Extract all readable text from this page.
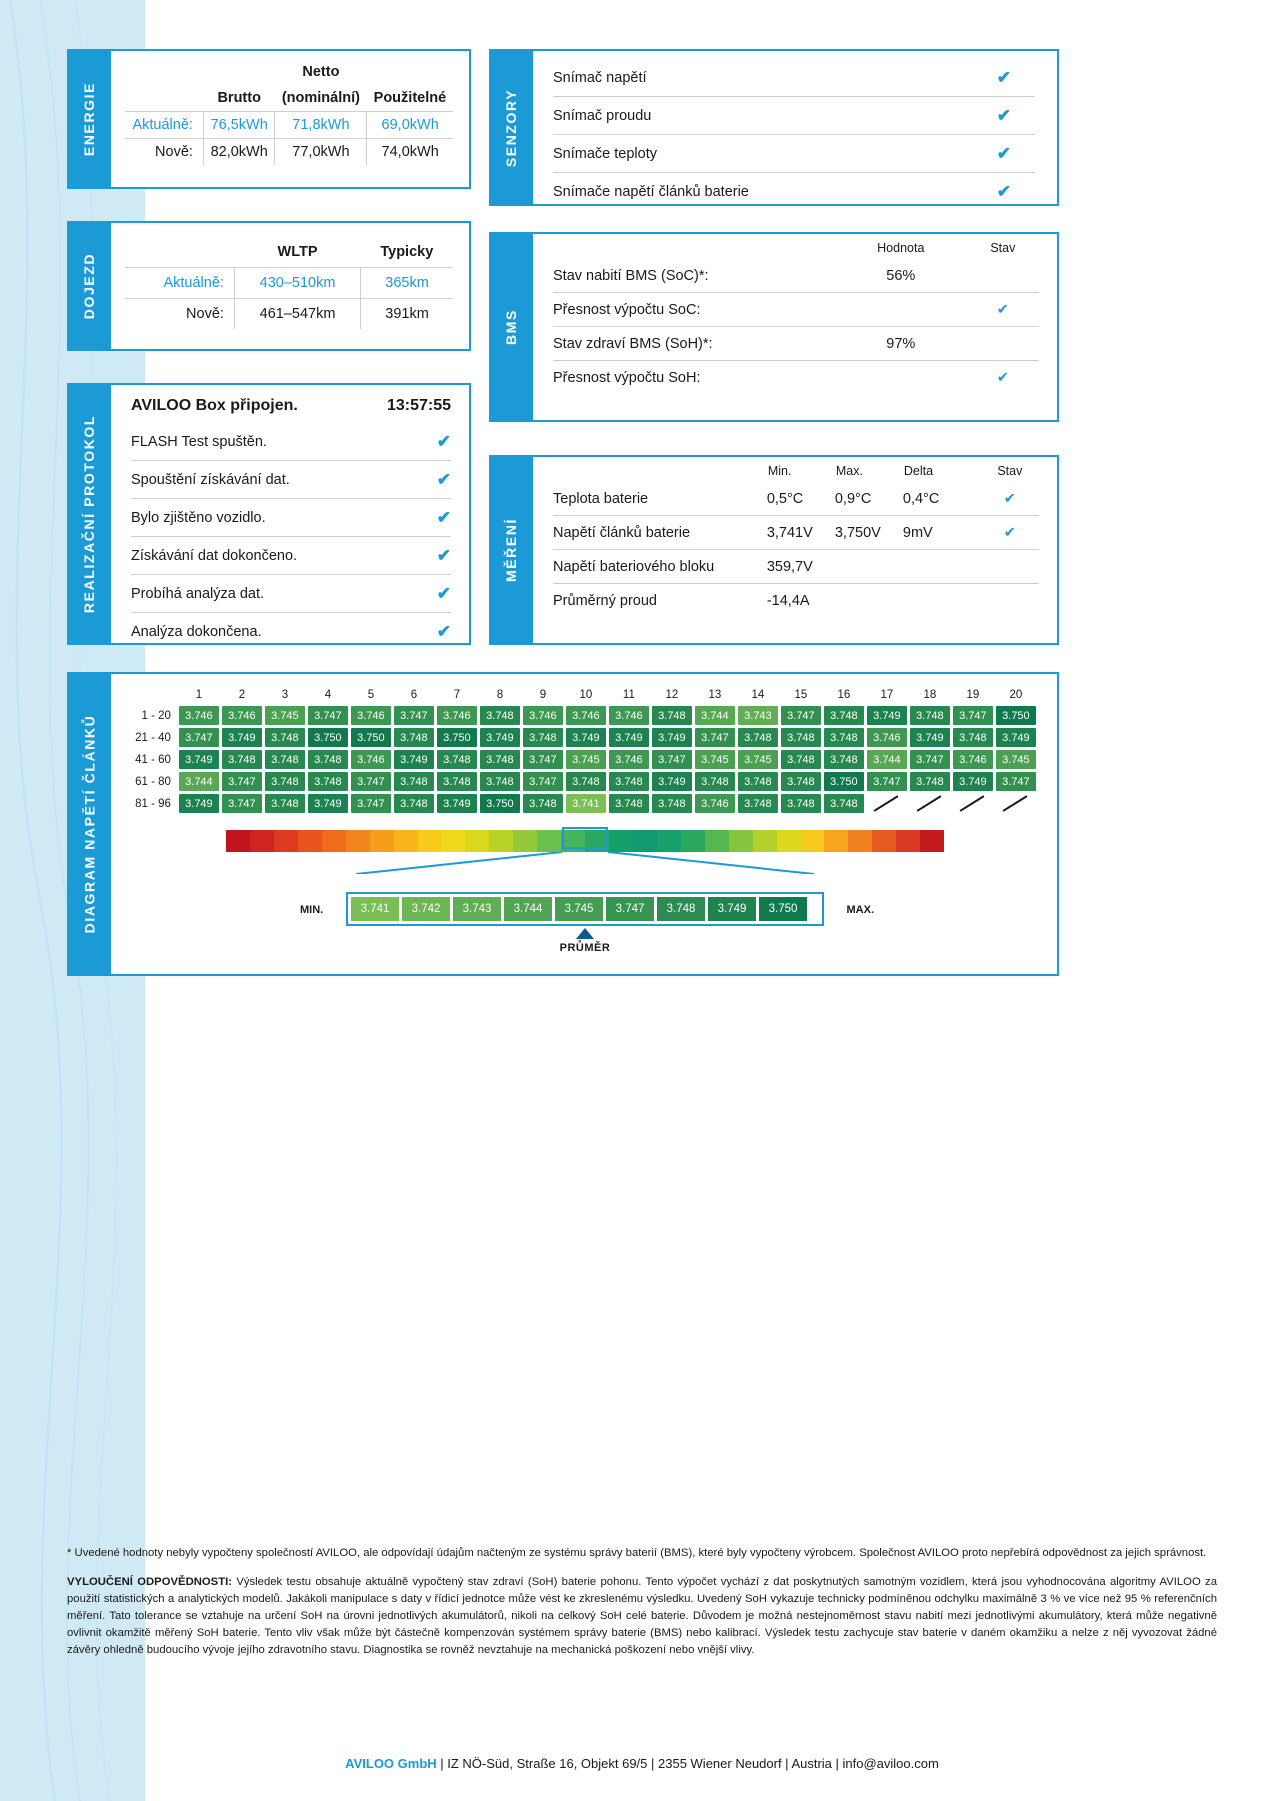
ENERGIE
		Netto	
	Brutto	(nominální)	Použitelné
Aktuálně:	76,5kWh	71,8kWh	69,0kWh
Nově:	82,0kWh	77,0kWh	74,0kWh
DOJEZD
	WLTP	Typicky
Aktuálně:	430–510km	365km
Nově:	461–547km	391km
REALIZAČNÍ PROTOKOL
AVILOO Box připojen.	13:57:55
FLASH Test spuštěn.	✔
Spouštění získávání dat.	✔
Bylo zjištěno vozidlo.	✔
Získávání dat dokončeno.	✔
Probíhá analýza dat.	✔
Analýza dokončena.	✔
SENZORY
Snímač napětí	✔
Snímač proudu	✔
Snímače teploty	✔
Snímače napětí článků baterie	✔
BMS
	Hodnota	Stav
Stav nabití BMS (SoC)*:	56%	
Přesnost výpočtu SoC:		✔
Stav zdraví BMS (SoH)*:	97%	
Přesnost výpočtu SoH:		✔
MĚŘENÍ
	Min.	Max.	Delta	Stav
Teplota baterie	0,5°C	0,9°C	0,4°C	✔
Napětí článků baterie	3,741V	3,750V	9mV	✔
Napětí bateriového bloku	359,7V			
Průměrný proud	-14,4A			
DIAGRAM NAPĚTÍ ČLÁNKŮ
	1	2	3	4	5	6	7	8	9	10	11	12	13	14	15	16	17	18	19	20
1 - 20	3.746	3.746	3.745	3.747	3.746	3.747	3.746	3.748	3.746	3.746	3.746	3.748	3.744	3.743	3.747	3.748	3.749	3.748	3.747	3.750
21 - 40	3.747	3.749	3.748	3.750	3.750	3.748	3.750	3.749	3.748	3.749	3.749	3.749	3.747	3.748	3.748	3.748	3.746	3.749	3.748	3.749
41 - 60	3.749	3.748	3.748	3.748	3.746	3.749	3.748	3.748	3.747	3.745	3.746	3.747	3.745	3.745	3.748	3.748	3.744	3.747	3.746	3.745
61 - 80	3.744	3.747	3.748	3.748	3.747	3.748	3.748	3.748	3.747	3.748	3.748	3.749	3.748	3.748	3.748	3.750	3.747	3.748	3.749	3.747
81 - 96	3.749	3.747	3.748	3.749	3.747	3.748	3.749	3.750	3.748	3.741	3.748	3.748	3.746	3.748	3.748	3.748	

MIN.	3.741	3.742	3.743	3.744	3.745	3.747	3.748	3.749	3.750	MAX.
PRŮMĚR

* Uvedené hodnoty nebyly vypočteny společností AVILOO, ale odpovídají údajům načteným ze systému správy baterií (BMS), které byly vypočteny výrobcem. Společnost AVILOO proto nepřebírá odpovědnost za jejich správnost.

VYLOUČENÍ ODPOVĚDNOSTI: Výsledek testu obsahuje aktuálně vypočtený stav zdraví (SoH) baterie pohonu. Tento výpočet vychází z dat poskytnutých samotným vozidlem, která jsou vyhodnocována algoritmy AVILOO za použití statistických a analytických modelů. Jakákoli manipulace s daty v řídicí jednotce může vést ke zkreslenému výsledku. Uvedený SoH vykazuje technicky podmíněnou odchylku maximálně 3 % ve více než 95 % referenčních měření. Tato tolerance se vztahuje na určení SoH na úrovni jednotlivých akumulátorů, nikoli na celkový SoH celé baterie. Důvodem je možná nestejnoměrnost stavu nabití mezi jednotlivými akumulátory, která může negativně ovlivnit okamžitě měřený SoH baterie. Tento vliv však může být částečně kompenzován systémem správy baterie (BMS) nebo kalibrací. Výsledek testu zachycuje stav baterie v daném okamžiku a nelze z něj vyvozovat žádné závěry ohledně budoucího vývoje jejího zdravotního stavu. Diagnostika se rovněž nevztahuje na mechanická poškození nebo vnější vlivy.

AVILOO GmbH | IZ NÖ-Süd, Straße 16, Objekt 69/5 | 2355 Wiener Neudorf | Austria | info@aviloo.com
